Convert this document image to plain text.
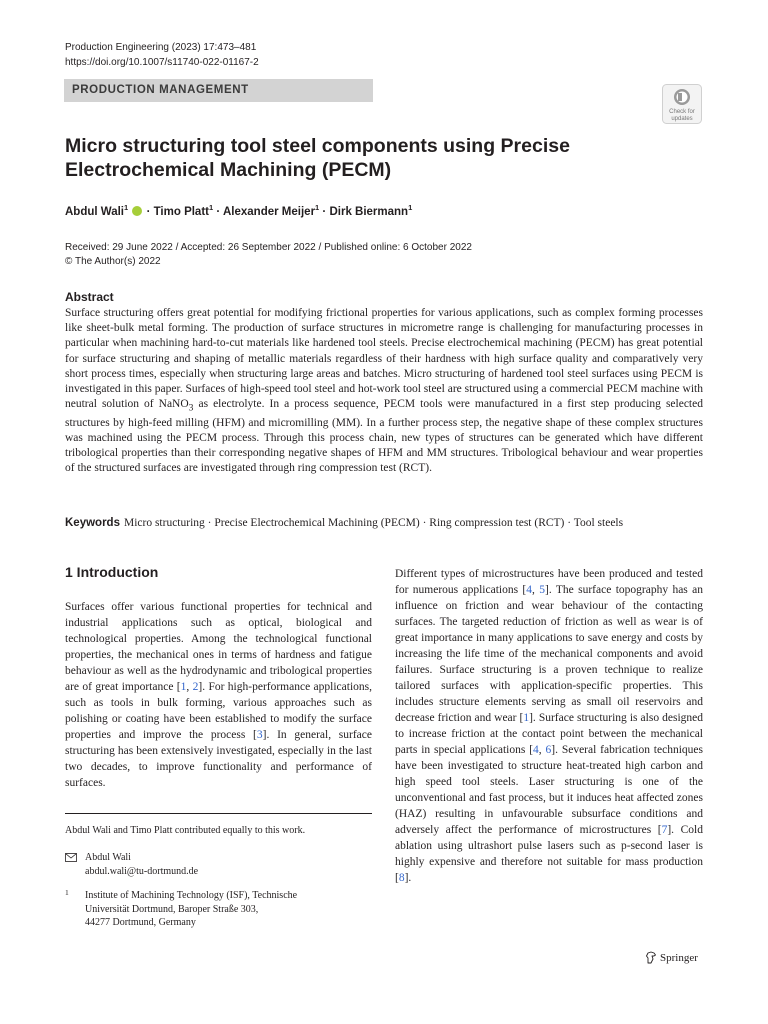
Production Engineering (2023) 17:473–481
https://doi.org/10.1007/s11740-022-01167-2
PRODUCTION MANAGEMENT
Check for
updates
Micro structuring tool steel components using Precise Electrochemical Machining (PECM)
Abdul Wali$^1$ · Timo Platt$^1$ · Alexander Meijer$^1$ · Dirk Biermann$^1$
Received: 29 June 2022 / Accepted: 26 September 2022 / Published online: 6 October 2022
© The Author(s) 2022
Abstract

Surface structuring offers great potential for modifying frictional properties for various applications, such as complex forming processes like sheet-bulk metal forming. The production of surface structures in micrometre range is challenging for manufacturing processes in particular when machining hard-to-cut materials like hardened tool steels. Precise electrochemical machining (PECM) has great potential for surface structuring and shaping of metallic materials regardless of their hardness with high surface quality and comparatively very short process times, especially when structuring large areas and batches. Micro structuring of hardened tool steel surfaces using PECM is investigated in this paper. Surfaces of high-speed tool steel and hot-work tool steel are structured using a commercial PECM machine with neutral solution of NaNO$_3$ as electrolyte. In a process sequence, PECM tools were manufactured in a first step producing selected structures by high-feed milling (HFM) and micromilling (MM). In a further process step, the negative shape of these complex structures was machined using the PECM process. Through this process chain, new types of structures can be generated which have different tribological properties than their corresponding negative shapes of HFM and MM structures. Tribological behaviour and wear properties of the structured surfaces are investigated through ring compression test (RCT).

Keywords Micro structuring · Precise Electrochemical Machining (PECM) · Ring compression test (RCT) · Tool steels
1 Introduction

Surfaces offer various functional properties for technical and industrial applications such as optical, biological and technological properties. Among the technological functional properties, the mechanical ones in terms of hardness and fatigue behaviour as well as the hydrodynamic and tribological properties are of great importance [1, 2]. For high-performance applications, such as tools in bulk forming, various approaches such as polishing or coating have been established to modify the surface properties and improve the process [3]. In general, surface structuring has been extensively investigated, especially in the last two decades, to improve functionality and performance of surfaces.

Different types of microstructures have been produced and tested for numerous applications [4, 5]. The surface topography has an influence on friction and wear behaviour of the contacting surfaces. The targeted reduction of friction as well as wear is of great importance in many applications to save energy and costs by increasing the life time of the mechanical components and avoid failures. Surface structuring is a proven technique to realize tailored surfaces with application-specific properties. This includes structure elements serving as small oil reservoirs and decrease friction and wear [1]. Surface structuring is also designed to increase friction at the contact point between the mechanical parts in special applications [4, 6]. Several fabrication techniques have been investigated to structure heat-treated high carbon and high speed tool steels. Laser structuring is one of the unconventional and fast process, but it induces heat affected zones (HAZ) resulting in unfavourable subsurface conditions and adversely affect the performance of microstructures [7]. Cold ablation using ultrashort pulse lasers such as p-second laser is highly expensive and therefore not suitable for mass production [8].

Abdul Wali and Timo Platt contributed equally to this work.
Abdul Wali
abdul.wali@tu-dortmund.de
1 Institute of Machining Technology (ISF), Technische
Universität Dortmund, Baroper Straße 303,
44277 Dortmund, Germany
Springer
